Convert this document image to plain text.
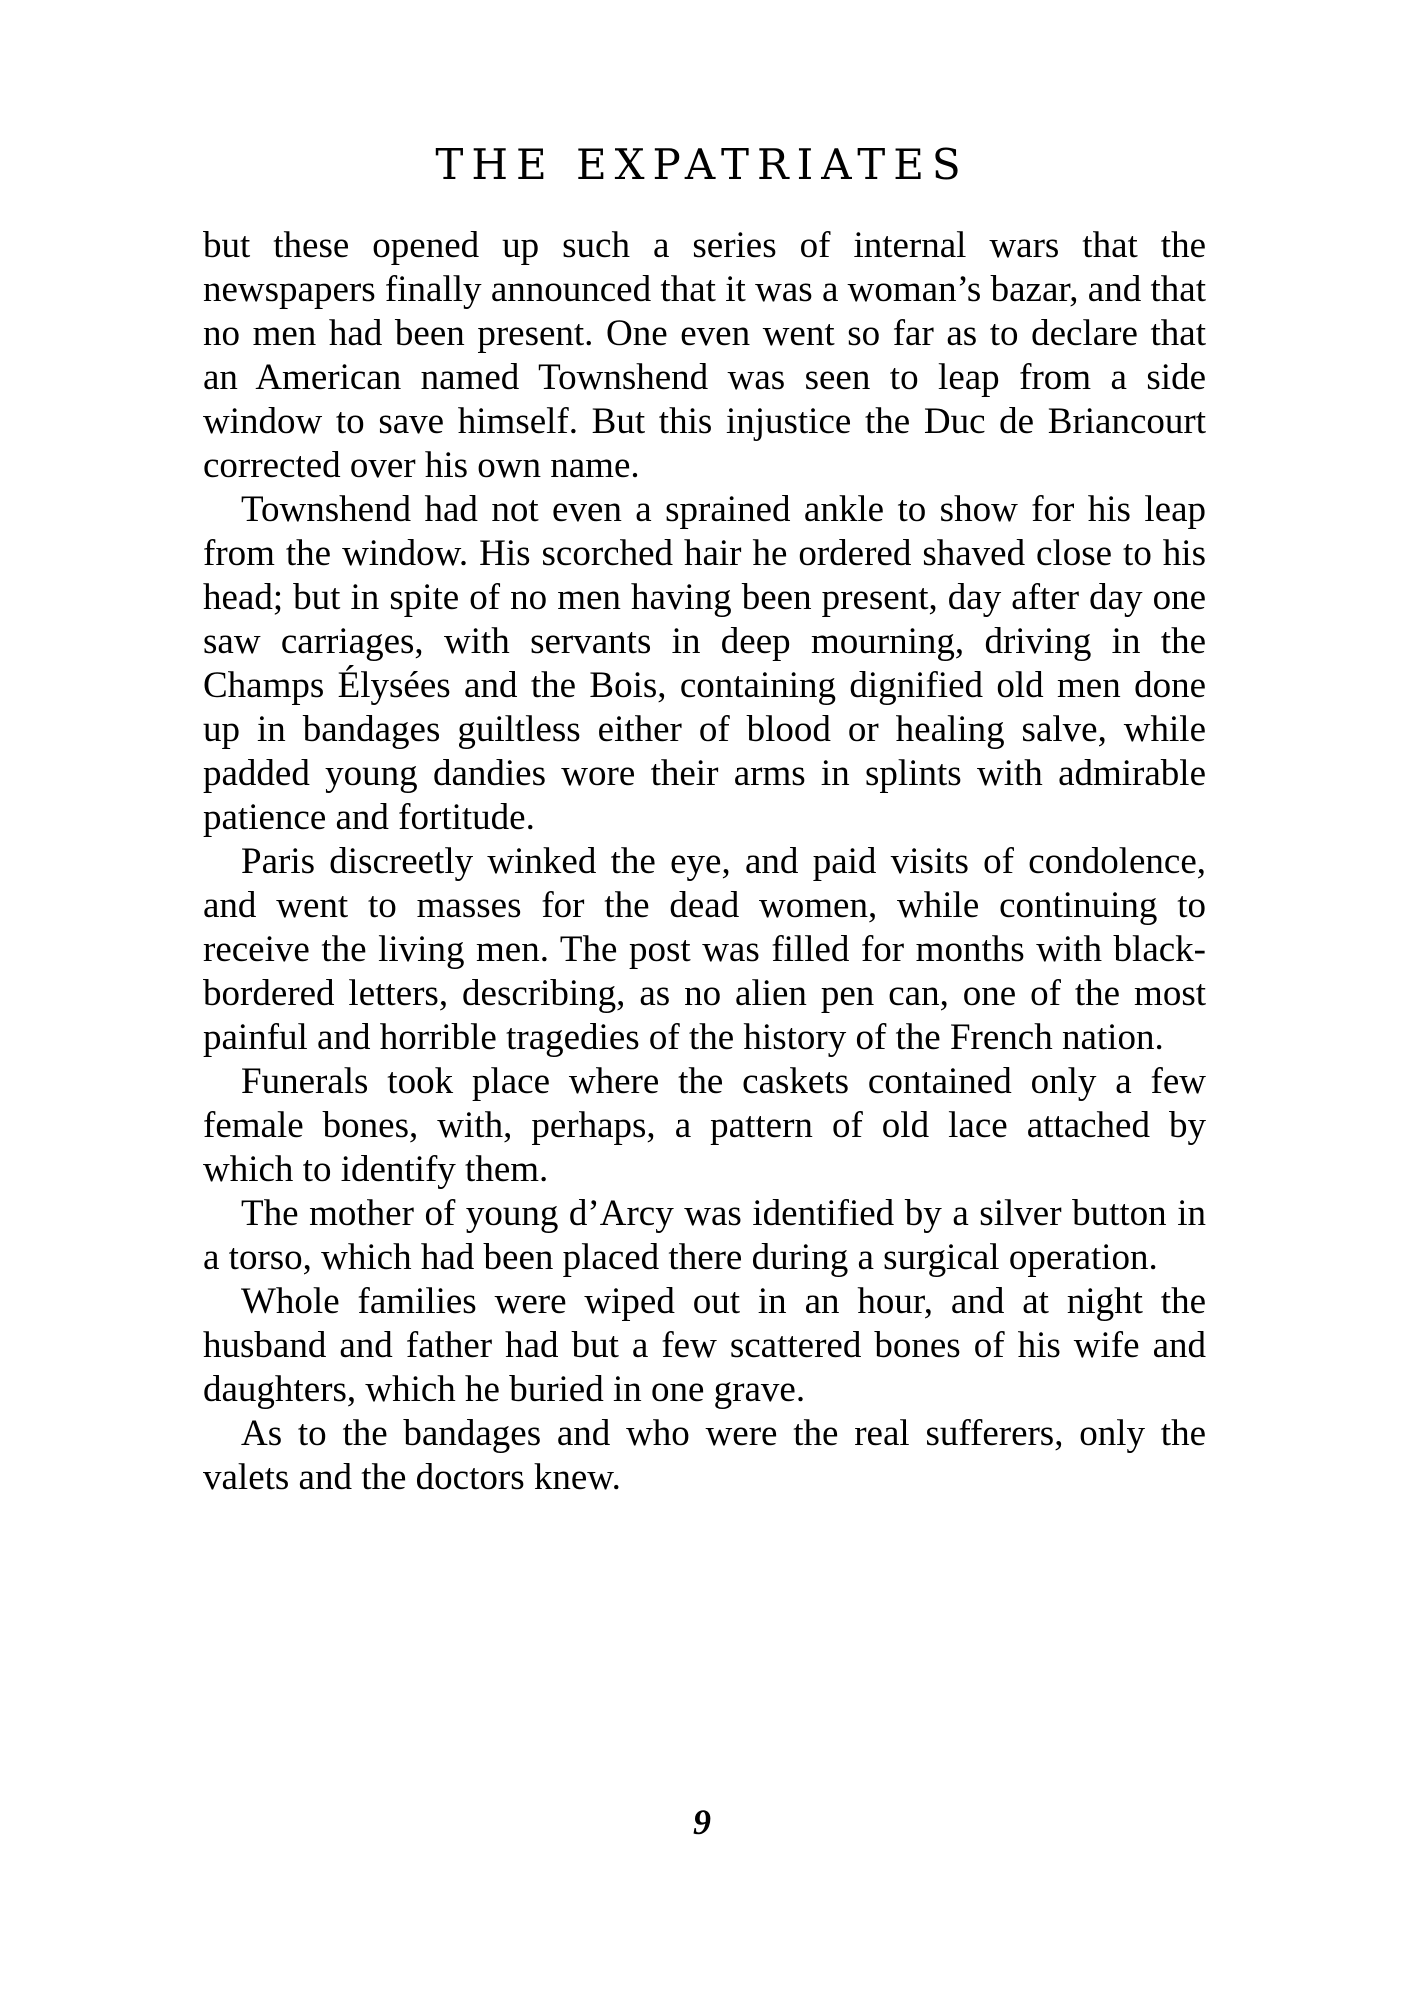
THE EXPATRIATES

but these opened up such a series of internal wars that the newspapers finally announced that it was a woman’s bazar, and that no men had been present. One even went so far as to declare that an American named Townshend was seen to leap from a side window to save himself. But this injustice the Duc de Briancourt corrected over his own name.

Townshend had not even a sprained ankle to show for his leap from the window. His scorched hair he ordered shaved close to his head; but in spite of no men having been present, day after day one saw carriages, with servants in deep mourning, driving in the Champs Élysées and the Bois, containing dignified old men done up in bandages guiltless either of blood or healing salve, while padded young dandies wore their arms in splints with admirable patience and fortitude.

Paris discreetly winked the eye, and paid visits of condolence, and went to masses for the dead women, while continuing to receive the living men. The post was filled for months with black-bordered letters, describing, as no alien pen can, one of the most painful and horrible tragedies of the history of the French nation.

Funerals took place where the caskets contained only a few female bones, with, perhaps, a pattern of old lace attached by which to identify them.

The mother of young d’Arcy was identified by a silver button in a torso, which had been placed there during a surgical operation.

Whole families were wiped out in an hour, and at night the husband and father had but a few scattered bones of his wife and daughters, which he buried in one grave.

As to the bandages and who were the real sufferers, only the valets and the doctors knew.

9
